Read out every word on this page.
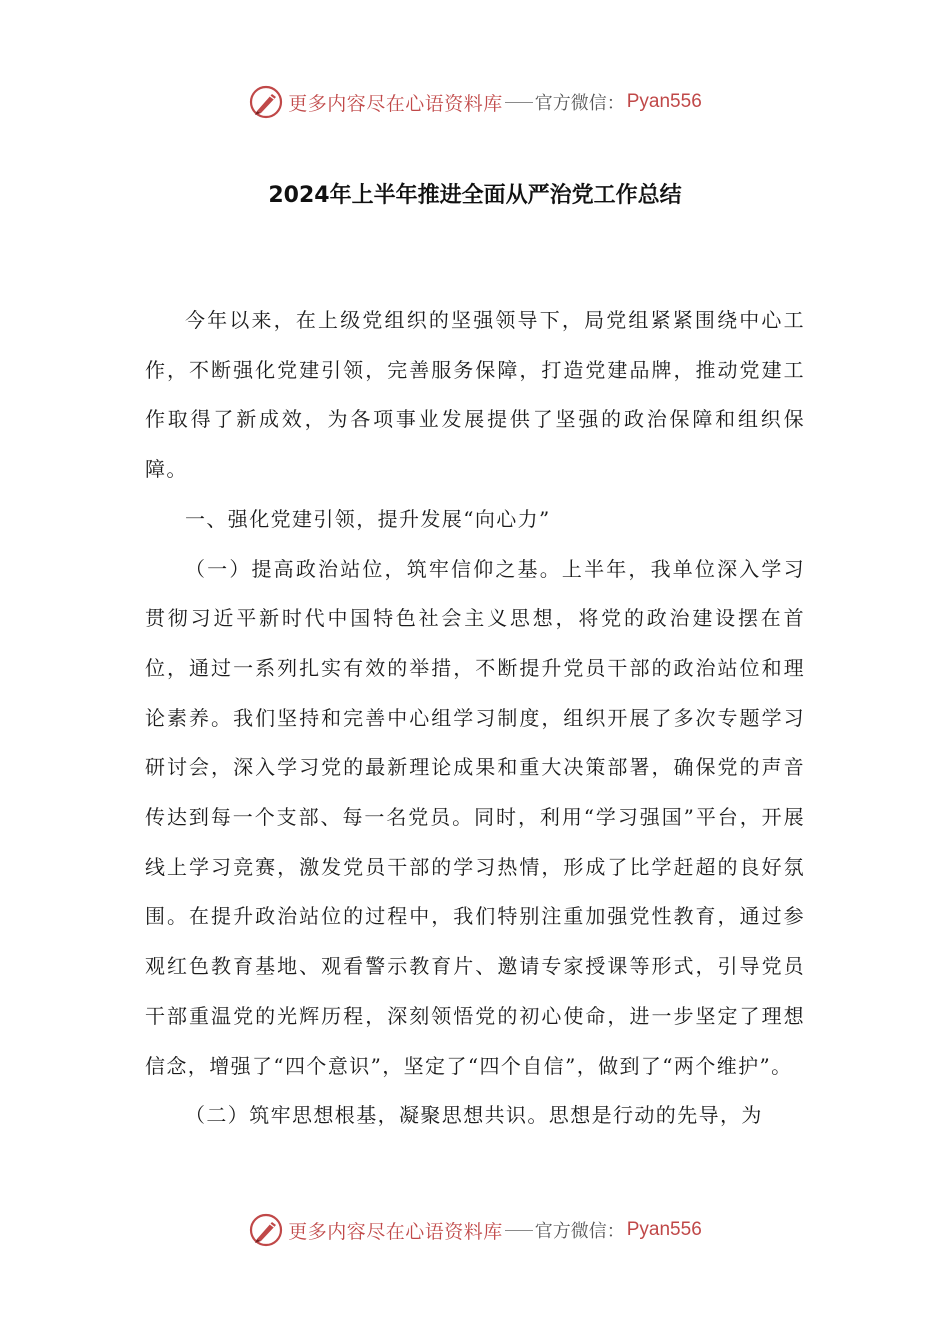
更多内容尽在心语资料库 官方微信： Pyan556
2024年上半年推进全面从严治党工作总结

今年以来，在上级党组织的坚强领导下，局党组紧紧围绕中心工作，不断强化党建引领，完善服务保障，打造党建品牌，推动党建工作取得了新成效，为各项事业发展提供了坚强的政治保障和组织保障。

一、强化党建引领，提升发展“向心力”

（一）提高政治站位，筑牢信仰之基。上半年，我单位深入学习贯彻习近平新时代中国特色社会主义思想，将党的政治建设摆在首位，通过一系列扎实有效的举措，不断提升党员干部的政治站位和理论素养。我们坚持和完善中心组学习制度，组织开展了多次专题学习研讨会，深入学习党的最新理论成果和重大决策部署，确保党的声音传达到每一个支部、每一名党员。同时，利用“学习强国”平台，开展线上学习竞赛，激发党员干部的学习热情，形成了比学赶超的良好氛围。在提升政治站位的过程中，我们特别注重加强党性教育，通过参观红色教育基地、观看警示教育片、邀请专家授课等形式，引导党员干部重温党的光辉历程，深刻领悟党的初心使命，进一步坚定了理想信念，增强了“四个意识”，坚定了“四个自信”，做到了“两个维护”。

（二）筑牢思想根基，凝聚思想共识。思想是行动的先导，为

更多内容尽在心语资料库 官方微信： Pyan556
